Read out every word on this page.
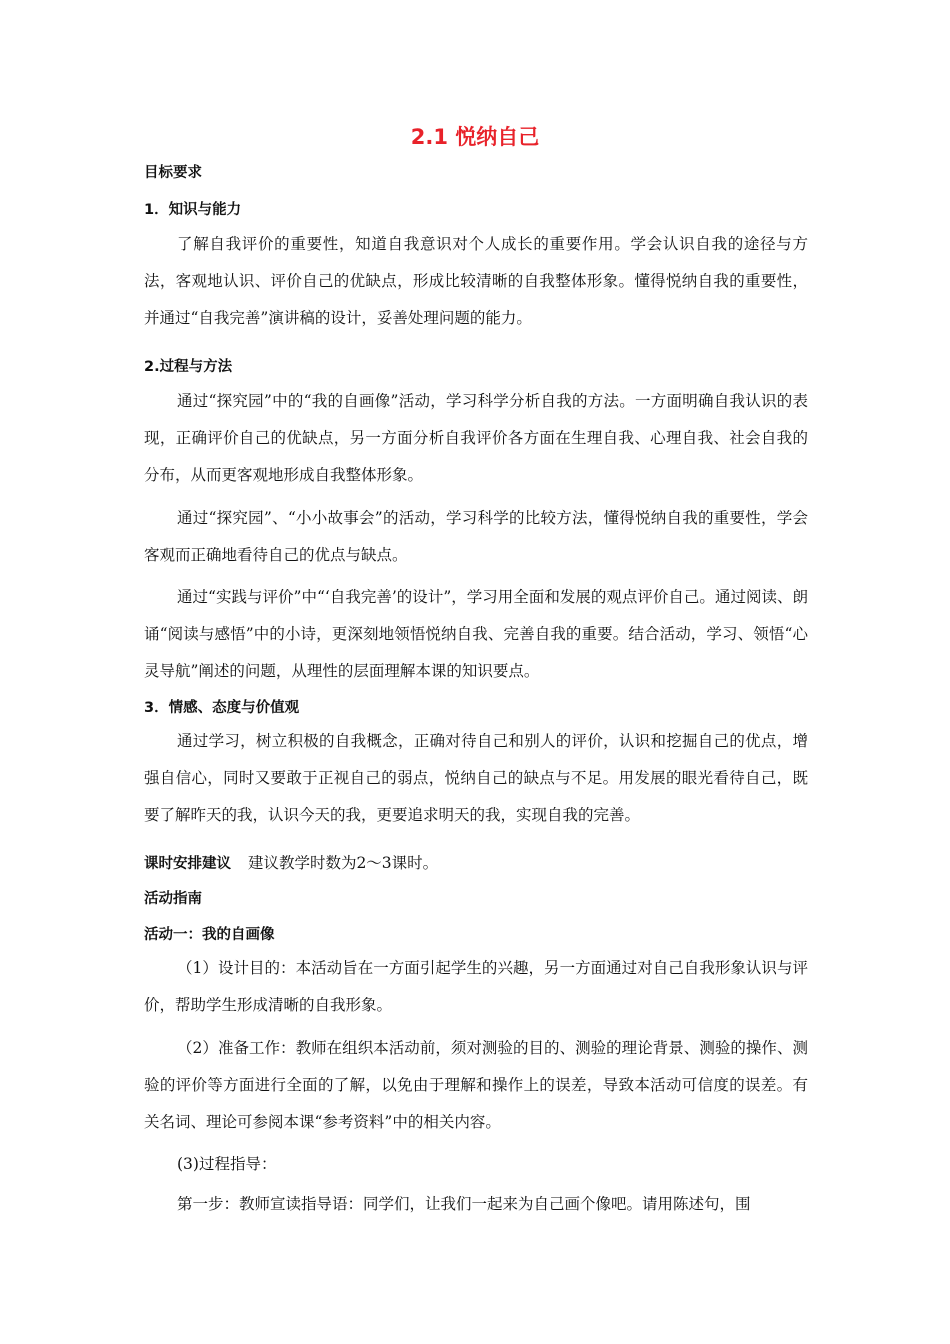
2.1 悦纳自己
目标要求
1．知识与能力

了解自我评价的重要性，知道自我意识对个人成长的重要作用。学会认识自我的途径与方法，客观地认识、评价自己的优缺点，形成比较清晰的自我整体形象。懂得悦纳自我的重要性，并通过“自我完善”演讲稿的设计，妥善处理问题的能力。

2.过程与方法

通过“探究园”中的“我的自画像”活动，学习科学分析自我的方法。一方面明确自我认识的表现，正确评价自己的优缺点，另一方面分析自我评价各方面在生理自我、心理自我、社会自我的分布，从而更客观地形成自我整体形象。

通过“探究园”、“小小故事会”的活动，学习科学的比较方法，懂得悦纳自我的重要性，学会客观而正确地看待自己的优点与缺点。

通过“实践与评价”中“‘自我完善’的设计”，学习用全面和发展的观点评价自己。通过阅读、朗诵“阅读与感悟”中的小诗，更深刻地领悟悦纳自我、完善自我的重要。结合活动，学习、领悟“心灵导航”阐述的问题，从理性的层面理解本课的知识要点。

3．情感、态度与价值观

通过学习，树立积极的自我概念，正确对待自己和别人的评价，认识和挖掘自己的优点，增强自信心，同时又要敢于正视自己的弱点，悦纳自己的缺点与不足。用发展的眼光看待自己，既要了解昨天的我，认识今天的我，更要追求明天的我，实现自我的完善。

课时安排建议 建议教学时数为2～3课时。
活动指南
活动一：我的自画像

（1）设计目的：本活动旨在一方面引起学生的兴趣，另一方面通过对自己自我形象认识与评价，帮助学生形成清晰的自我形象。

（2）准备工作：教师在组织本活动前，须对测验的目的、测验的理论背景、测验的操作、测验的评价等方面进行全面的了解，以免由于理解和操作上的误差，导致本活动可信度的误差。有关名词、理论可参阅本课“参考资料”中的相关内容。

(3)过程指导：

第一步：教师宣读指导语：同学们，让我们一起来为自己画个像吧。请用陈述句，围
